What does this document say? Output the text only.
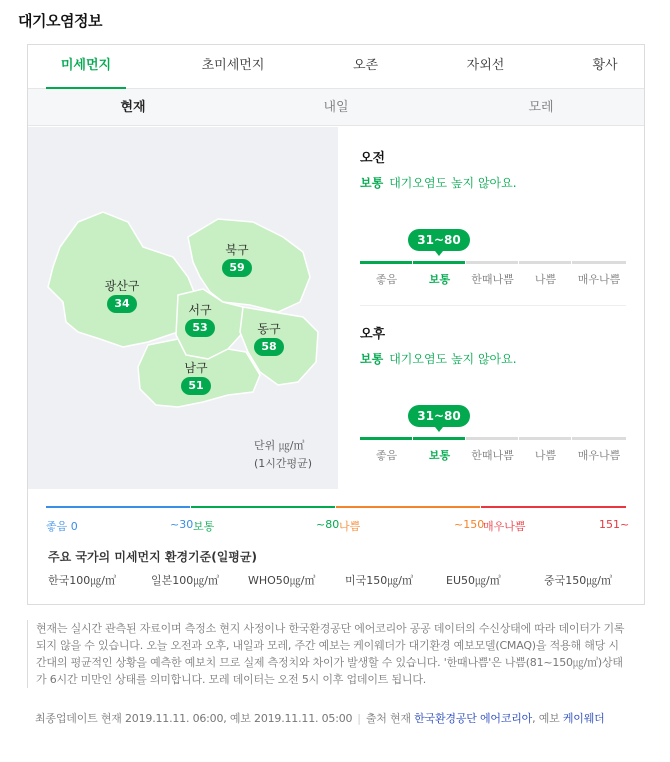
대기오염정보
미세먼지	초미세먼지	오존	자외선	황사
현재	내일	모레
광산구
34
북구
59
서구
53	동구
58
남구
51
단위 ㎍/㎥
(1시간평균)
오전
보통 대기오염도 높지 않아요.
31~80
좋음	보통	한때나쁨	나쁨	매우나쁨
오후
보통 대기오염도 높지 않아요.
31~80
좋음	보통	한때나쁨	나쁨	매우나쁨
좋음 0	~30 보통	~80 나쁨	~150
매우나쁨	151~
주요 국가의 미세먼지 환경기준(일평균)
한국100㎍/㎥	일본100㎍/㎥	WHO50㎍/㎥	미국150㎍/㎥	EU50㎍/㎥	중국150㎍/㎥
현재는 실시간 관측된 자료이며 측정소 현지 사정이나 한국환경공단 에어코리아 공공 데이터의 수신상태에 따라 데이터가 기록되지 않을 수 있습니다. 오늘 오전과 오후, 내일과 모레, 주간 예보는 케이웨더가 대기환경 예보모델(CMAQ)을 적용해 해당 시간대의 평균적인 상황을 예측한 예보치 므로 실제 측정치와 차이가 발생할 수 있습니다. '한때나쁨'은 나쁨(81~150㎍/㎥)상태가 6시간 미만인 상태를 의미합니다. 모레 데이터는 오전 5시 이후 업데이트 됩니다.
최종업데이트 현재 2019.11.11. 06:00, 예보 2019.11.11. 05:00 | 출처 현재 한국환경공단 에어코리아, 예보 케이웨더
